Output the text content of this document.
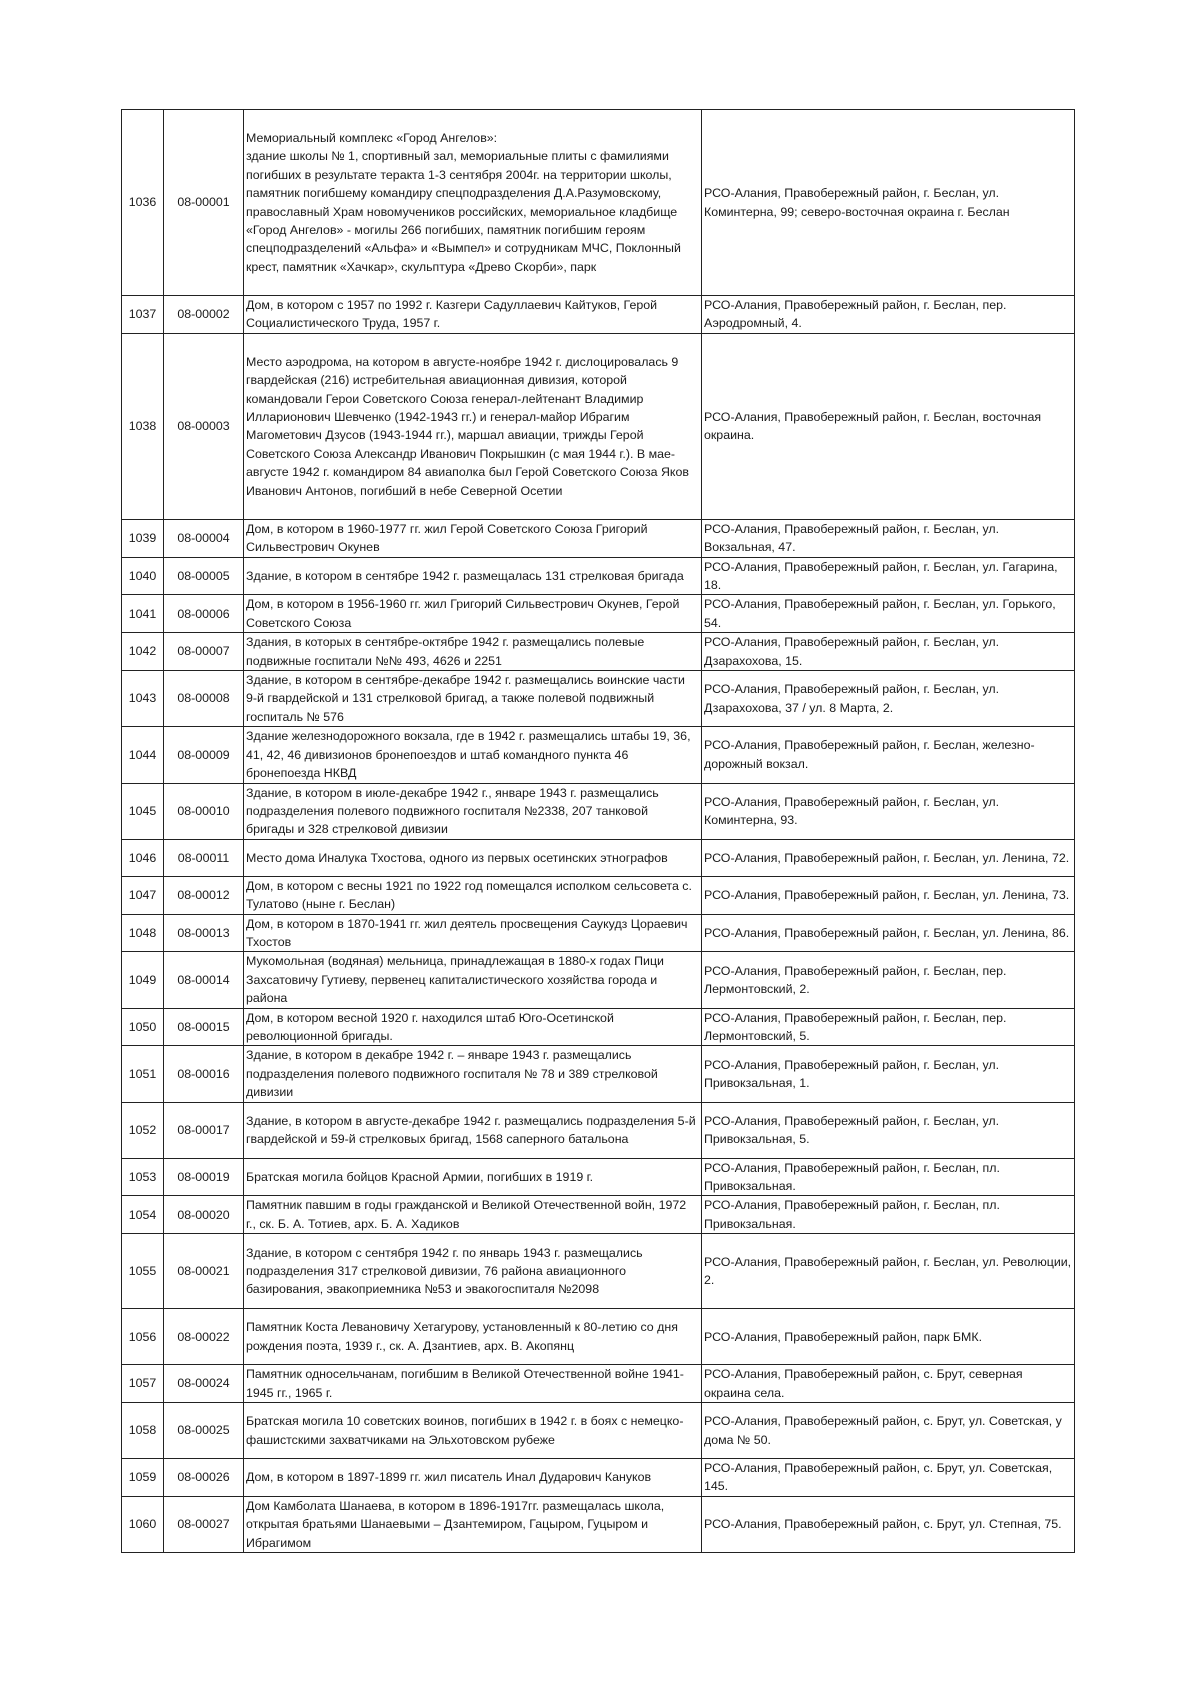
1036	08-00001	Мемориальный комплекс «Город Ангелов»:
здание школы № 1, спортивный зал, мемориальные плиты с фамилиями погибших в результате теракта 1-3 сентября 2004г. на территории школы, памятник погибшему командиру спецподразделения Д.А.Разумовскому, православный Храм новомучеников российских, мемориальное кладбище «Город Ангелов» - могилы 266 погибших, памятник погибшим героям спецподразделений «Альфа» и «Вымпел» и сотрудникам МЧС, Поклонный крест, памятник «Хачкар», скульптура «Древо Скорби», парк	РСО-Алания, Правобережный район, г. Беслан, ул. Коминтерна, 99; северо-восточная окраина г. Беслан
1037	08-00002	Дом, в котором с 1957 по 1992 г. Казгери Садуллаевич Кайтуков, Герой Социалистического Труда, 1957 г.	РСО-Алания, Правобережный район, г. Беслан, пер. Аэродромный, 4.
1038	08-00003	Место аэродрома, на котором в августе-ноябре 1942 г. дислоцировалась 9 гвардейская (216) истребительная авиационная дивизия, которой командовали Герои Советского Союза генерал-лейтенант Владимир Илларионович Шевченко (1942-1943 гг.) и генерал-майор Ибрагим Магометович Дзусов (1943-1944 гг.), маршал авиации, трижды Герой Советского Союза Александр Иванович Покрышкин (с мая 1944 г.). В мае-августе 1942 г. командиром 84 авиаполка был Герой Советского Союза Яков Иванович Антонов, погибший в небе Северной Осетии	РСО-Алания, Правобережный район, г. Беслан, восточная окраина.
1039	08-00004	Дом, в котором в 1960-1977 гг. жил Герой Советского Союза Григорий Сильвестрович Окунев	РСО-Алания, Правобережный район, г. Беслан, ул. Вокзальная, 47.
1040	08-00005	Здание, в котором в сентябре 1942 г. размещалась 131 стрелковая бригада	РСО-Алания, Правобережный район, г. Беслан, ул. Гагарина, 18.
1041	08-00006	Дом, в котором в 1956-1960 гг. жил Григорий Сильвестрович Окунев, Герой Советского Союза	РСО-Алания, Правобережный район, г. Беслан, ул. Горького, 54.
1042	08-00007	Здания, в которых в сентябре-октябре 1942 г. размещались полевые подвижные госпитали №№ 493, 4626 и 2251	РСО-Алания, Правобережный район, г. Беслан, ул. Дзарахохова, 15.
1043	08-00008	Здание, в котором в сентябре-декабре 1942 г. размещались воинские части 9-й гвардейской и 131 стрелковой бригад, а также полевой подвижный госпиталь № 576	РСО-Алания, Правобережный район, г. Беслан, ул. Дзарахохова, 37 / ул. 8 Марта, 2.
1044	08-00009	Здание железнодорожного вокзала, где в 1942 г. размещались штабы 19, 36, 41, 42, 46 дивизионов бронепоездов и штаб командного пункта 46 бронепоезда НКВД	РСО-Алания, Правобережный район, г. Беслан, железно-дорожный вокзал.
1045	08-00010	Здание, в котором в июле-декабре 1942 г., январе 1943 г. размещались подразделения полевого подвижного госпиталя №2338, 207 танковой бригады и 328 стрелковой дивизии	РСО-Алания, Правобережный район, г. Беслан, ул. Коминтерна, 93.
1046	08-00011	Место дома Иналука Тхостова, одного из первых осетинских этнографов	РСО-Алания, Правобережный район, г. Беслан, ул. Ленина, 72.
1047	08-00012	Дом, в котором с весны 1921 по 1922 год помещался исполком сельсовета с. Тулатово (ныне г. Беслан)	РСО-Алания, Правобережный район, г. Беслан, ул. Ленина, 73.
1048	08-00013	Дом, в котором в 1870-1941 гг. жил деятель просвещения Саукудз Цораевич Тхостов	РСО-Алания, Правобережный район, г. Беслан, ул. Ленина, 86.
1049	08-00014	Мукомольная (водяная) мельница, принадлежащая в 1880-х годах Пици Захсатовичу Гутиеву, первенец капиталистического хозяйства города и района	РСО-Алания, Правобережный район, г. Беслан, пер. Лермонтовский, 2.
1050	08-00015	Дом, в котором весной 1920 г. находился штаб Юго-Осетинской революционной бригады.	РСО-Алания, Правобережный район, г. Беслан, пер. Лермонтовский, 5.
1051	08-00016	Здание, в котором в декабре 1942 г. – январе 1943 г. размещались подразделения полевого подвижного госпиталя № 78 и 389 стрелковой дивизии	РСО-Алания, Правобережный район, г. Беслан, ул. Привокзальная, 1.
1052	08-00017	Здание, в котором в августе-декабре 1942 г. размещались подразделения 5-й гвардейской и 59-й стрелковых бригад, 1568 саперного батальона	РСО-Алания, Правобережный район, г. Беслан, ул. Привокзальная, 5.
1053	08-00019	Братская могила бойцов Красной Армии, погибших в 1919 г.	РСО-Алания, Правобережный район, г. Беслан, пл. Привокзальная.
1054	08-00020	Памятник павшим в годы гражданской и Великой Отечественной войн, 1972 г., ск. Б. А. Тотиев, арх. Б. А. Хадиков	РСО-Алания, Правобережный район, г. Беслан, пл. Привокзальная.
1055	08-00021	Здание, в котором с сентября 1942 г. по январь 1943 г. размещались подразделения 317 стрелковой дивизии, 76 района авиационного базирования, эвакоприемника №53 и эвакогоспиталя №2098	РСО-Алания, Правобережный район, г. Беслан, ул. Революции, 2.
1056	08-00022	Памятник Коста Левановичу Хетагурову, установленный к 80-летию со дня рождения поэта, 1939 г., ск. А. Дзантиев, арх. В. Акопянц	РСО-Алания, Правобережный район, парк БМК.
1057	08-00024	Памятник односельчанам, погибшим в Великой Отечественной войне 1941-1945 гг., 1965 г.	РСО-Алания, Правобережный район, с. Брут, северная окраина села.
1058	08-00025	Братская могила 10 советских воинов, погибших в 1942 г. в боях с немецко-фашистскими захватчиками на Эльхотовском рубеже	РСО-Алания, Правобережный район, с. Брут, ул. Советская, у дома № 50.
1059	08-00026	Дом, в котором в 1897-1899 гг. жил писатель Инал Дударович Кануков	РСО-Алания, Правобережный район, с. Брут, ул. Советская, 145.
1060	08-00027	Дом Камболата Шанаева, в котором в 1896-1917гг. размещалась школа, открытая братьями Шанаевыми – Дзантемиром, Гацыром, Гуцыром и Ибрагимом	РСО-Алания, Правобережный район, с. Брут, ул. Степная, 75.
